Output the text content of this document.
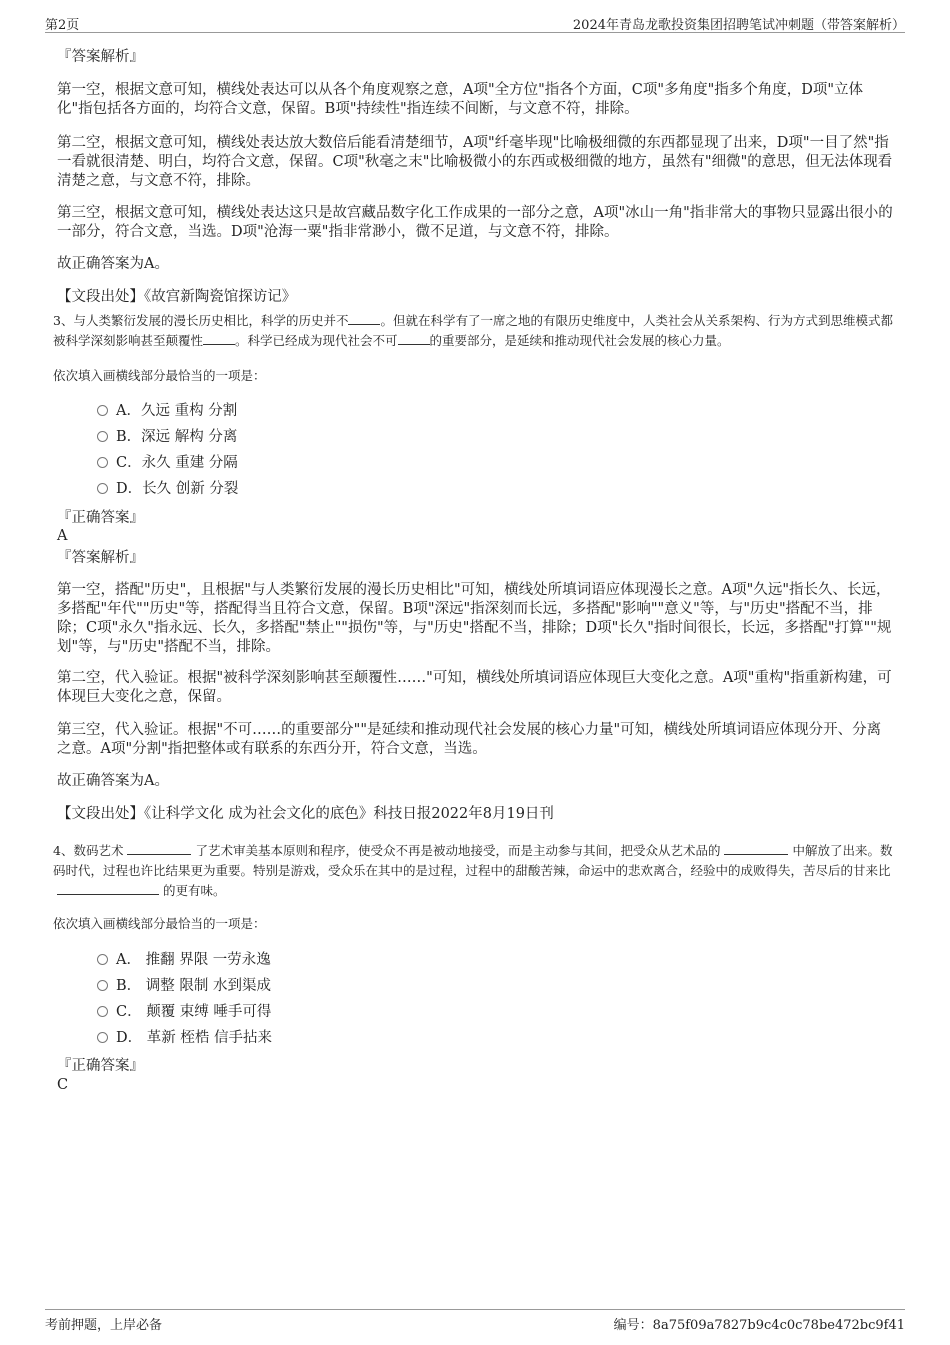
第2页	2024年青岛龙歌投资集团招聘笔试冲刺题（带答案解析）
『答案解析』
第一空，根据文意可知，横线处表达可以从各个角度观察之意，A项"全方位"指各个方面，C项"多角度"指多个角度，D项"立体化"指包括各方面的，均符合文意，保留。B项"持续性"指连续不间断，与文意不符，排除。
第二空，根据文意可知，横线处表达放大数倍后能看清楚细节，A项"纤毫毕现"比喻极细微的东西都显现了出来，D项"一目了然"指一看就很清楚、明白，均符合文意，保留。C项"秋毫之末"比喻极微小的东西或极细微的地方，虽然有"细微"的意思，但无法体现看清楚之意，与文意不符，排除。
第三空，根据文意可知，横线处表达这只是故宫藏品数字化工作成果的一部分之意，A项"冰山一角"指非常大的事物只显露出很小的一部分，符合文意，当选。D项"沧海一粟"指非常渺小，微不足道，与文意不符，排除。
故正确答案为A。
【文段出处】《故宫新陶瓷馆探访记》
3、与人类繁衍发展的漫长历史相比，科学的历史并不	。但就在科学有了一席之地的有限历史维度中，人类社会从关系架构、行为方式到思维模式都被科学深刻影响甚至颠覆性	。科学已经成为现代社会不可	的重要部分，是延续和推动现代社会发展的核心力量。
依次填入画横线部分最恰当的一项是：
A．久远 重构 分割
B．深远 解构 分离
C．永久 重建 分隔
D．长久 创新 分裂
『正确答案』
A
『答案解析』
第一空，搭配"历史"，且根据"与人类繁衍发展的漫长历史相比"可知，横线处所填词语应体现漫长之意。A项"久远"指长久、长远，多搭配"年代""历史"等，搭配得当且符合文意，保留。B项"深远"指深刻而长远，多搭配"影响""意义"等，与"历史"搭配不当，排除；C项"永久"指永远、长久，多搭配"禁止""损伤"等，与"历史"搭配不当，排除；D项"长久"指时间很长，长远，多搭配"打算""规划"等，与"历史"搭配不当，排除。
第二空，代入验证。根据"被科学深刻影响甚至颠覆性……"可知，横线处所填词语应体现巨大变化之意。A项"重构"指重新构建，可体现巨大变化之意，保留。
第三空，代入验证。根据"不可……的重要部分""是延续和推动现代社会发展的核心力量"可知，横线处所填词语应体现分开、分离之意。A项"分割"指把整体或有联系的东西分开，符合文意，当选。
故正确答案为A。
【文段出处】《让科学文化 成为社会文化的底色》科技日报2022年8月19日刊
4、数码艺术	了艺术审美基本原则和程序，使受众不再是被动地接受，而是主动参与其间，把受众从艺术品的	中解放了出来。数码时代，过程也许比结果更为重要。特别是游戏，受众乐在其中的是过程，过程中的甜酸苦辣，命运中的悲欢离合，经验中的成败得失，苦尽后的甘来比的更有味。
依次填入画横线部分最恰当的一项是：
A． 推翻 界限 一劳永逸
B． 调整 限制 水到渠成
C． 颠覆 束缚 唾手可得
D． 革新 桎梏 信手拈来
『正确答案』
C
考前押题，上岸必备	编号：8a75f09a7827b9c4c0c78be472bc9f41
